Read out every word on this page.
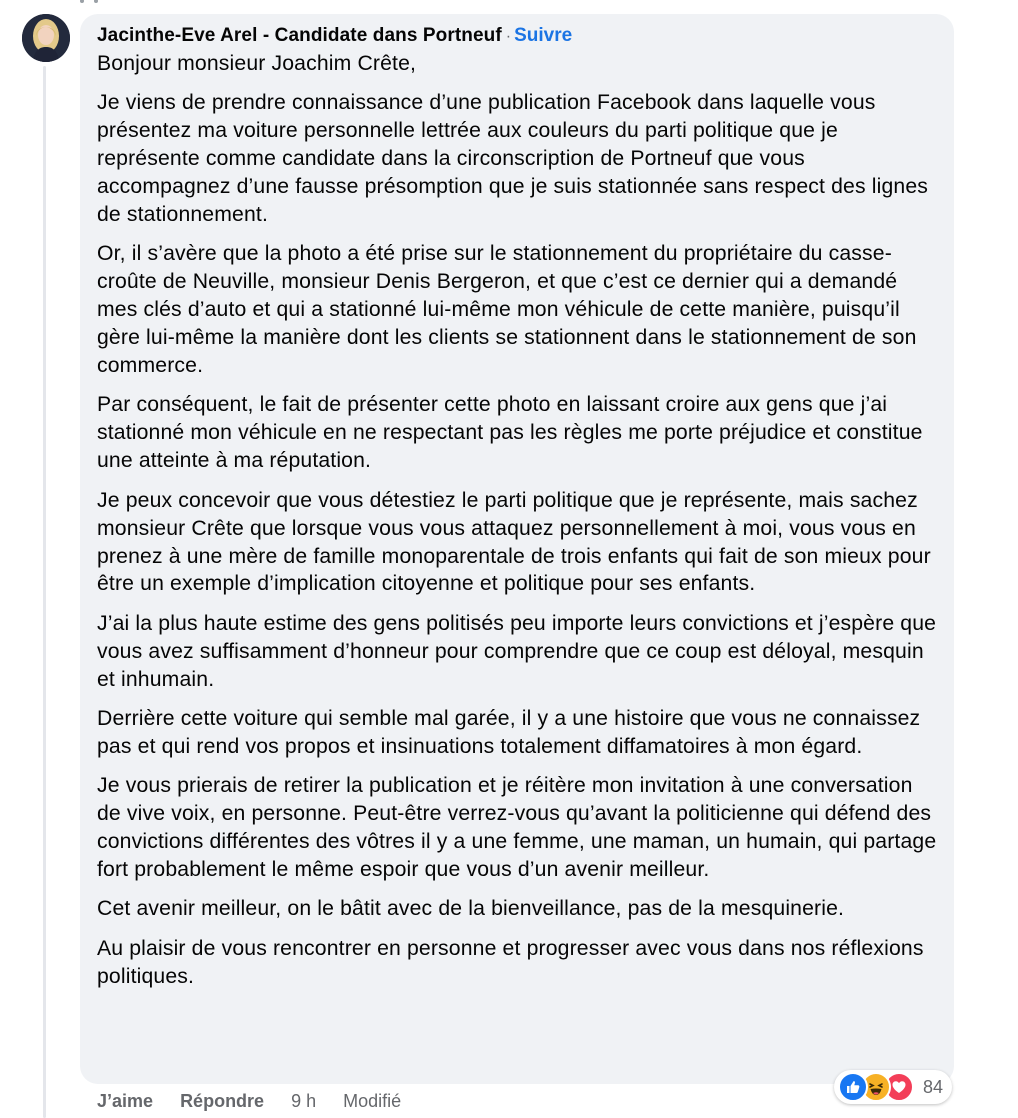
Jacinthe-Eve Arel - Candidate dans Portneuf · Suivre

Bonjour monsieur Joachim Crête,

Je viens de prendre connaissance d’une publication Facebook dans laquelle vous présentez ma voiture personnelle lettrée aux couleurs du parti politique que je représente comme candidate dans la circonscription de Portneuf que vous accompagnez d’une fausse présomption que je suis stationnée sans respect des lignes de stationnement.

Or, il s’avère que la photo a été prise sur le stationnement du propriétaire du casse-croûte de Neuville, monsieur Denis Bergeron, et que c’est ce dernier qui a demandé mes clés d’auto et qui a stationné lui-même mon véhicule de cette manière, puisqu’il gère lui-même la manière dont les clients se stationnent dans le stationnement de son commerce.

Par conséquent, le fait de présenter cette photo en laissant croire aux gens que j’ai stationné mon véhicule en ne respectant pas les règles me porte préjudice et constitue une atteinte à ma réputation.

Je peux concevoir que vous détestiez le parti politique que je représente, mais sachez monsieur Crête que lorsque vous vous attaquez personnellement à moi, vous vous en prenez à une mère de famille monoparentale de trois enfants qui fait de son mieux pour être un exemple d’implication citoyenne et politique pour ses enfants.

J’ai la plus haute estime des gens politisés peu importe leurs convictions et j’espère que vous avez suffisamment d’honneur pour comprendre que ce coup est déloyal, mesquin et inhumain.

Derrière cette voiture qui semble mal garée, il y a une histoire que vous ne connaissez pas et qui rend vos propos et insinuations totalement diffamatoires à mon égard.

Je vous prierais de retirer la publication et je réitère mon invitation à une conversation de vive voix, en personne. Peut-être verrez-vous qu’avant la politicienne qui défend des convictions différentes des vôtres il y a une femme, une maman, un humain, qui partage fort probablement le même espoir que vous d’un avenir meilleur.

Cet avenir meilleur, on le bâtit avec de la bienveillance, pas de la mesquinerie.

Au plaisir de vous rencontrer en personne et progresser avec vous dans nos réflexions politiques.

J’aime Répondre 9 h Modifié
84
